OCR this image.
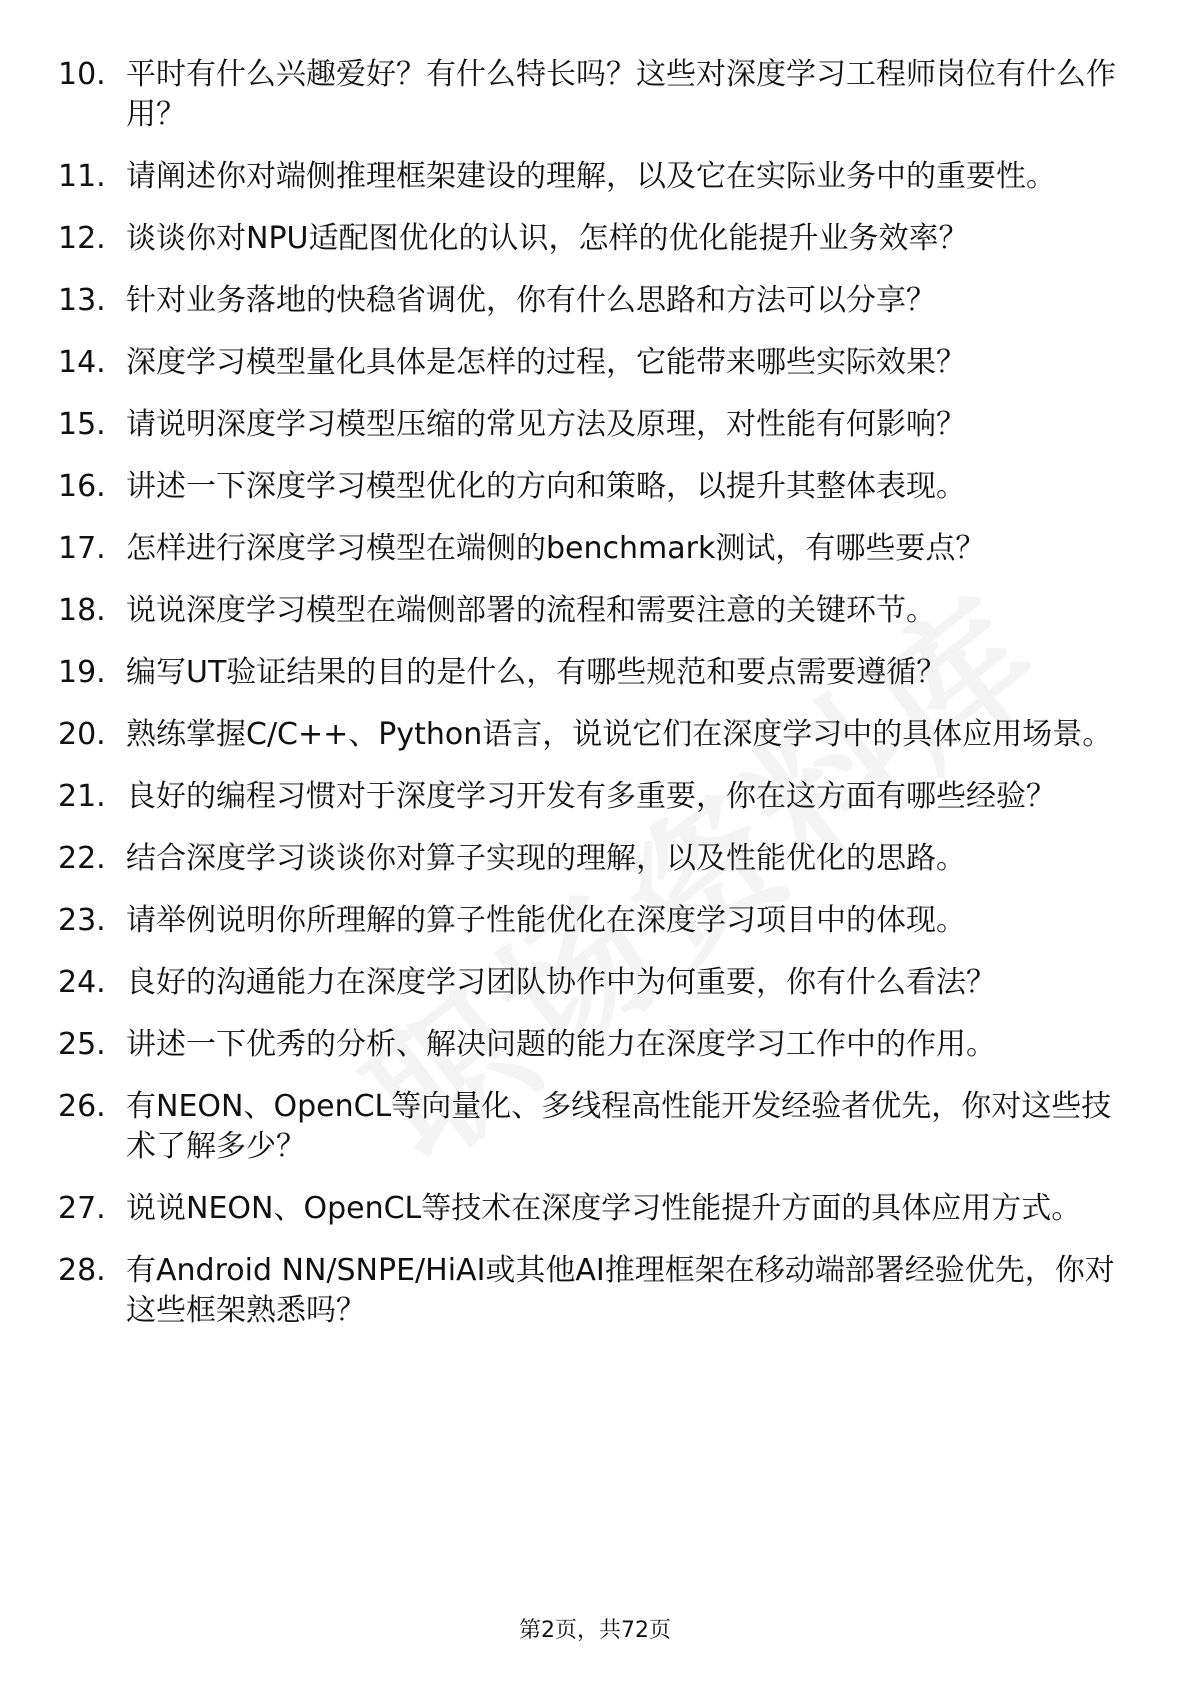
10. 平时有什么兴趣爱好？有什么特长吗？这些对深度学习工程师岗位有什么作用？
11. 请阐述你对端侧推理框架建设的理解，以及它在实际业务中的重要性。
12. 谈谈你对NPU适配图优化的认识，怎样的优化能提升业务效率？
13. 针对业务落地的快稳省调优，你有什么思路和方法可以分享？
14. 深度学习模型量化具体是怎样的过程，它能带来哪些实际效果？
15. 请说明深度学习模型压缩的常见方法及原理，对性能有何影响？
16. 讲述一下深度学习模型优化的方向和策略，以提升其整体表现。
17. 怎样进行深度学习模型在端侧的benchmark测试，有哪些要点？
18. 说说深度学习模型在端侧部署的流程和需要注意的关键环节。
19. 编写UT验证结果的目的是什么，有哪些规范和要点需要遵循？
20. 熟练掌握C/C++、Python语言，说说它们在深度学习中的具体应用场景。
21. 良好的编程习惯对于深度学习开发有多重要，你在这方面有哪些经验？
22. 结合深度学习谈谈你对算子实现的理解，以及性能优化的思路。
23. 请举例说明你所理解的算子性能优化在深度学习项目中的体现。
24. 良好的沟通能力在深度学习团队协作中为何重要，你有什么看法？
25. 讲述一下优秀的分析、解决问题的能力在深度学习工作中的作用。
26. 有NEON、OpenCL等向量化、多线程高性能开发经验者优先，你对这些技术了解多少？
27. 说说NEON、OpenCL等技术在深度学习性能提升方面的具体应用方式。
28. 有Android NN/SNPE/HiAI或其他AI推理框架在移动端部署经验优先，你对这些框架熟悉吗？
第2页，共72页
